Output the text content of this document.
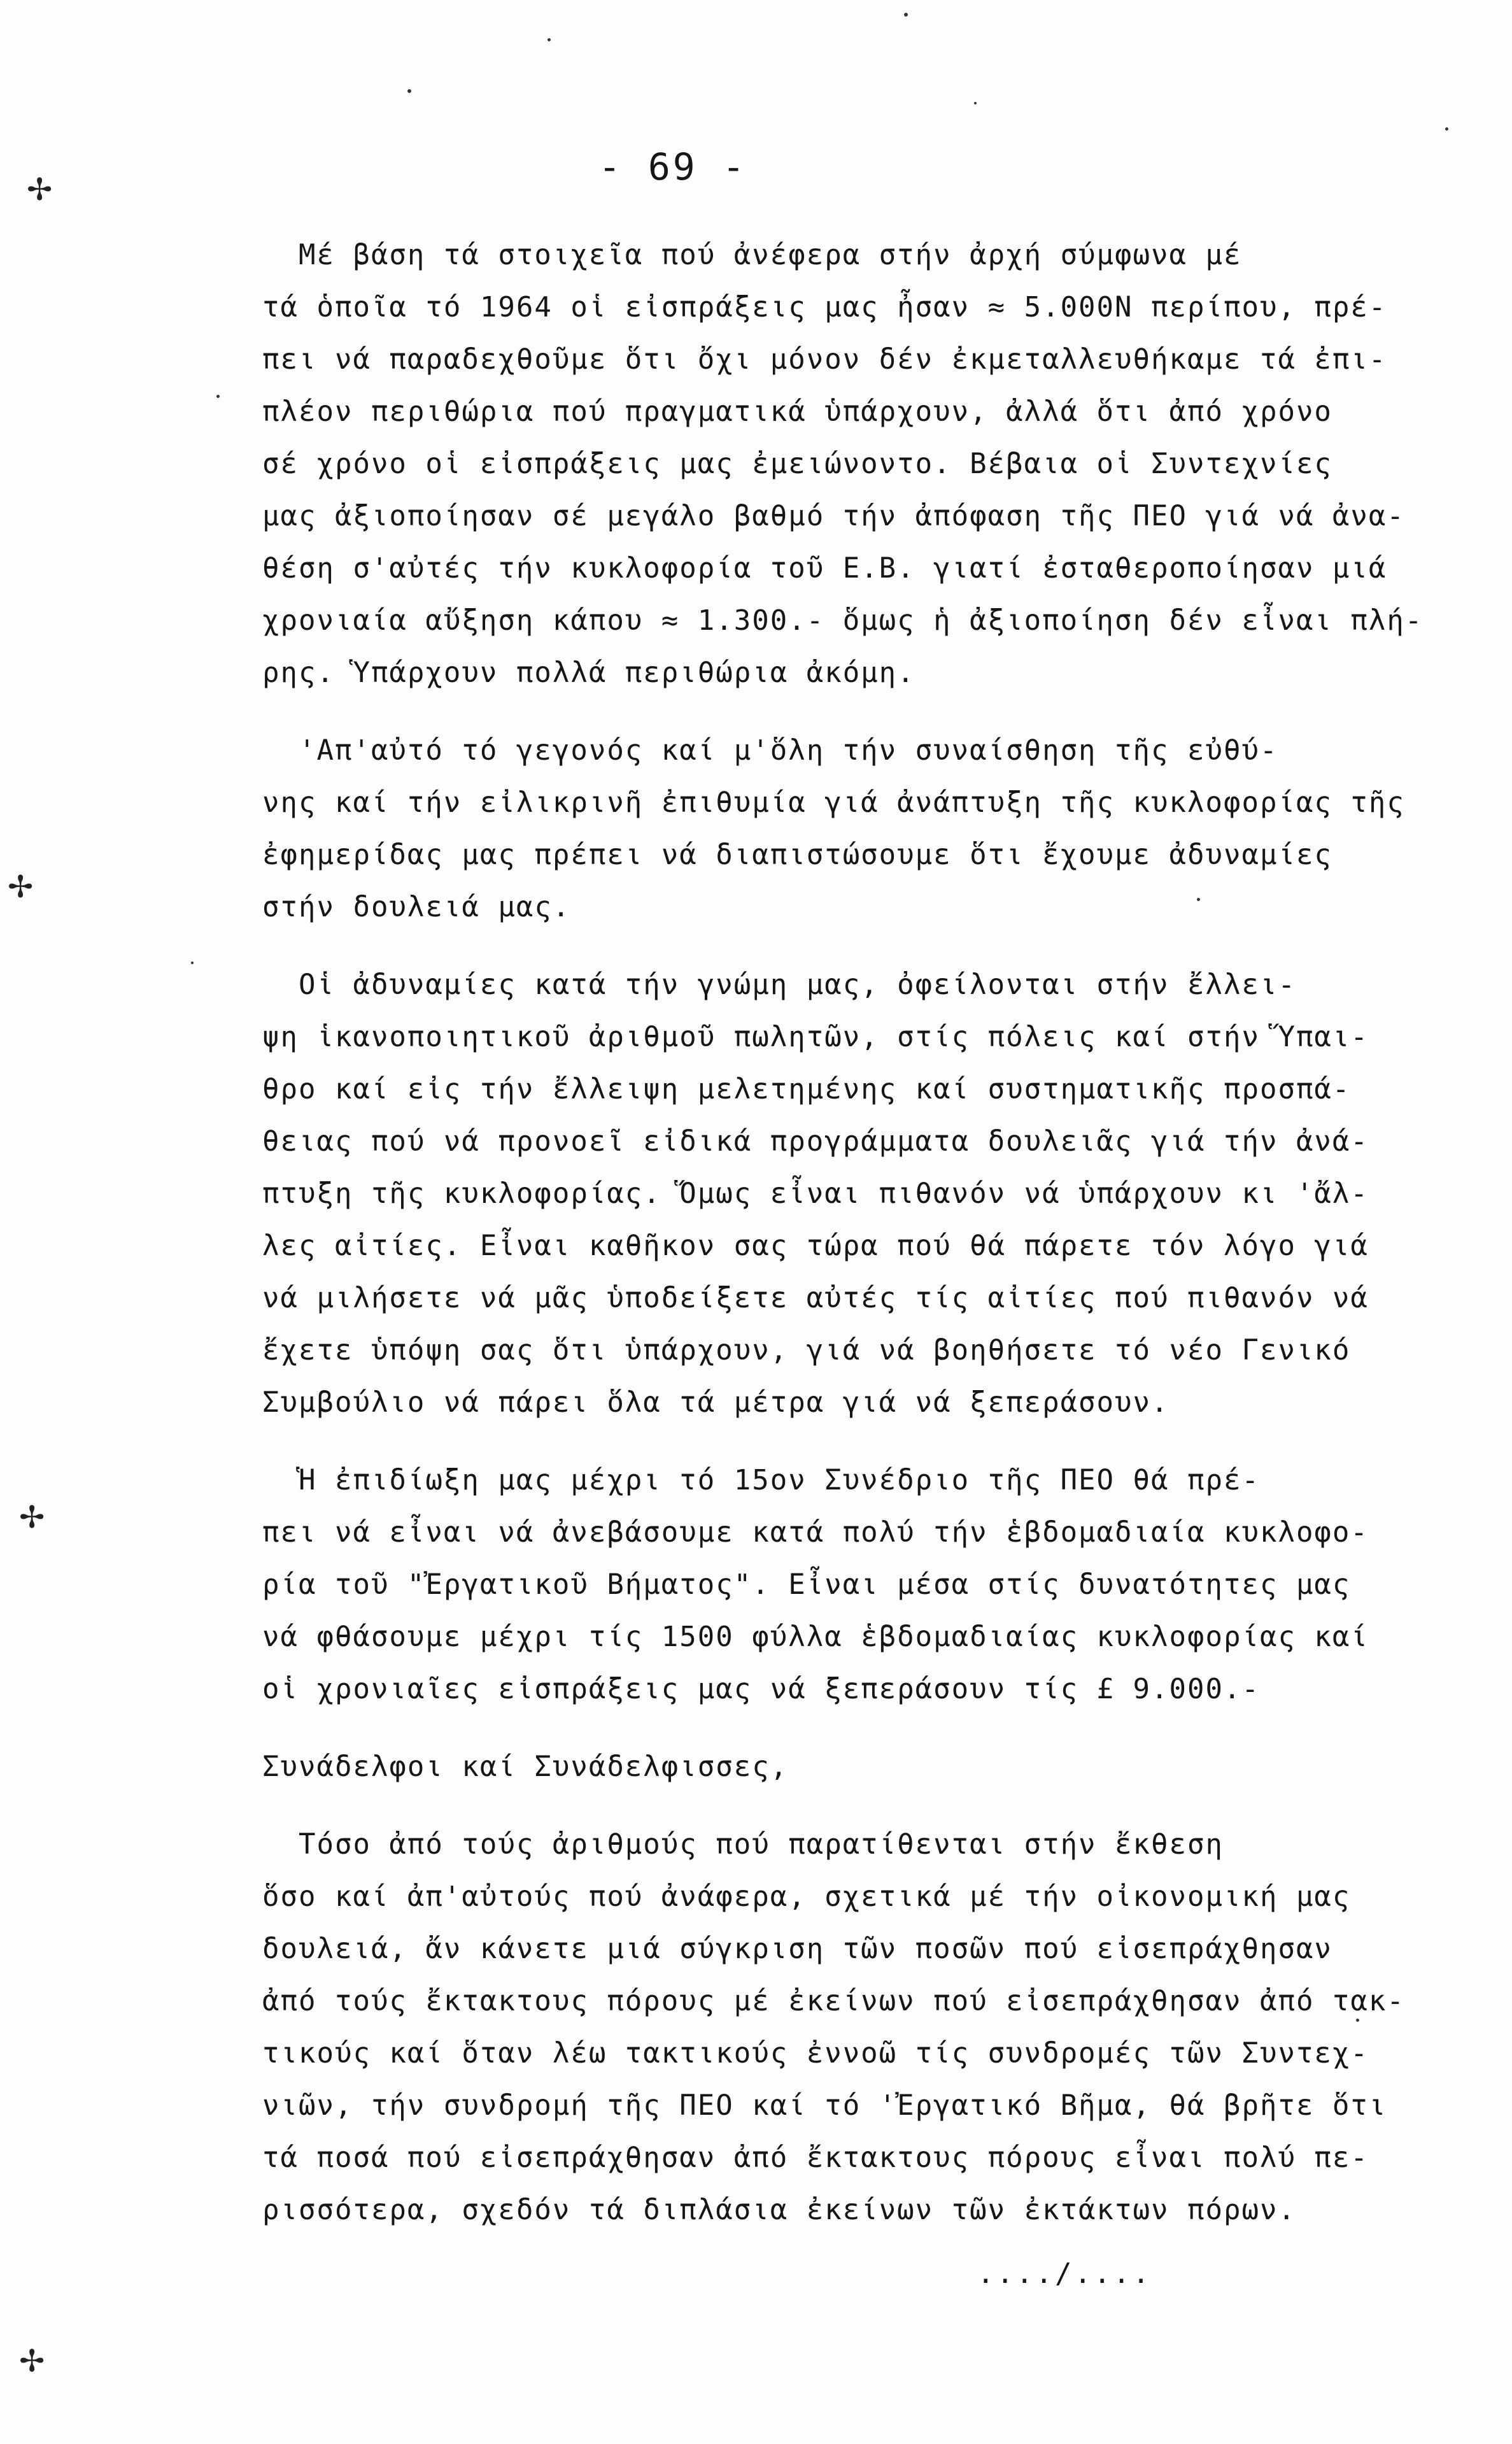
- 69 -
Μέ βάση τά στοιχεῖα πού ἀνέφερα στήν ἀρχή σύμφωνα μέ
τά ὁποῖα τό 1964 οἱ εἰσπράξεις μας ἦσαν ≈ 5.000Ν περίπου, πρέ-
πει νά παραδεχθοῦμε ὅτι ὄχι μόνον δέν ἐκμεταλλευθήκαμε τά ἐπι-
πλέον περιθώρια πού πραγματικά ὑπάρχουν, ἀλλά ὅτι ἀπό χρόνο
σέ χρόνο οἱ εἰσπράξεις μας ἐμειώνοντο. Βέβαια οἱ Συντεχνίες
μας ἀξιοποίησαν σέ μεγάλο βαθμό τήν ἀπόφαση τῆς ΠΕΟ γιά νά ἀνα-
θέση σ'αὐτές τήν κυκλοφορία τοῦ Ε.Β. γιατί ἐσταθεροποίησαν μιά
χρονιαία αὔξηση κάπου ≈ 1.300.- ὅμως ἡ ἀξιοποίηση δέν εἶναι πλή-
ρης. Ὑπάρχουν πολλά περιθώρια ἀκόμη.
'Απ'αὐτό τό γεγονός καί μ'ὅλη τήν συναίσθηση τῆς εὐθύ-
νης καί τήν εἰλικρινῆ ἐπιθυμία γιά ἀνάπτυξη τῆς κυκλοφορίας τῆς
ἐφημερίδας μας πρέπει νά διαπιστώσουμε ὅτι ἔχουμε ἀδυναμίες
στήν δουλειά μας.
Οἱ ἀδυναμίες κατά τήν γνώμη μας, ὀφείλονται στήν ἔλλει-
ψη ἱκανοποιητικοῦ ἀριθμοῦ πωλητῶν, στίς πόλεις καί στήν Ὕπαι-
θρο καί εἰς τήν ἔλλειψη μελετημένης καί συστηματικῆς προσπά-
θειας πού νά προνοεῖ εἰδικά προγράμματα δουλειᾶς γιά τήν ἀνά-
πτυξη τῆς κυκλοφορίας. Ὅμως εἶναι πιθανόν νά ὑπάρχουν κι 'ἄλ-
λες αἰτίες. Εἶναι καθῆκον σας τώρα πού θά πάρετε τόν λόγο γιά
νά μιλήσετε νά μᾶς ὑποδείξετε αὐτές τίς αἰτίες πού πιθανόν νά
ἔχετε ὑπόψη σας ὅτι ὑπάρχουν, γιά νά βοηθήσετε τό νέο Γενικό
Συμβούλιο νά πάρει ὅλα τά μέτρα γιά νά ξεπεράσουν.
Ἡ ἐπιδίωξη μας μέχρι τό 15ον Συνέδριο τῆς ΠΕΟ θά πρέ-
πει νά εἶναι νά ἀνεβάσουμε κατά πολύ τήν ἑβδομαδιαία κυκλοφο-
ρία τοῦ "Ἐργατικοῦ Βήματος". Εἶναι μέσα στίς δυνατότητες μας
νά φθάσουμε μέχρι τίς 1500 φύλλα ἑβδομαδιαίας κυκλοφορίας καί
οἱ χρονιαῖες εἰσπράξεις μας νά ξεπεράσουν τίς £ 9.000.-
Συνάδελφοι καί Συνάδελφισσες,
Τόσο ἀπό τούς ἀριθμούς πού παρατίθενται στήν ἔκθεση
ὅσο καί ἀπ'αὐτούς πού ἀνάφερα, σχετικά μέ τήν οἰκονομική μας
δουλειά, ἄν κάνετε μιά σύγκριση τῶν ποσῶν πού εἰσεπράχθησαν
ἀπό τούς ἔκτακτους πόρους μέ ἐκείνων πού εἰσεπράχθησαν ἀπό τακ-
τικούς καί ὅταν λέω τακτικούς ἐννοῶ τίς συνδρομές τῶν Συντεχ-
νιῶν, τήν συνδρομή τῆς ΠΕΟ καί τό 'Ἐργατικό Βῆμα, θά βρῆτε ὅτι
τά ποσά πού εἰσεπράχθησαν ἀπό ἔκτακτους πόρους εἶναι πολύ πε-
ρισσότερα, σχεδόν τά διπλάσια ἐκείνων τῶν ἐκτάκτων πόρων.
..../....
✢
✢
✢
✢
